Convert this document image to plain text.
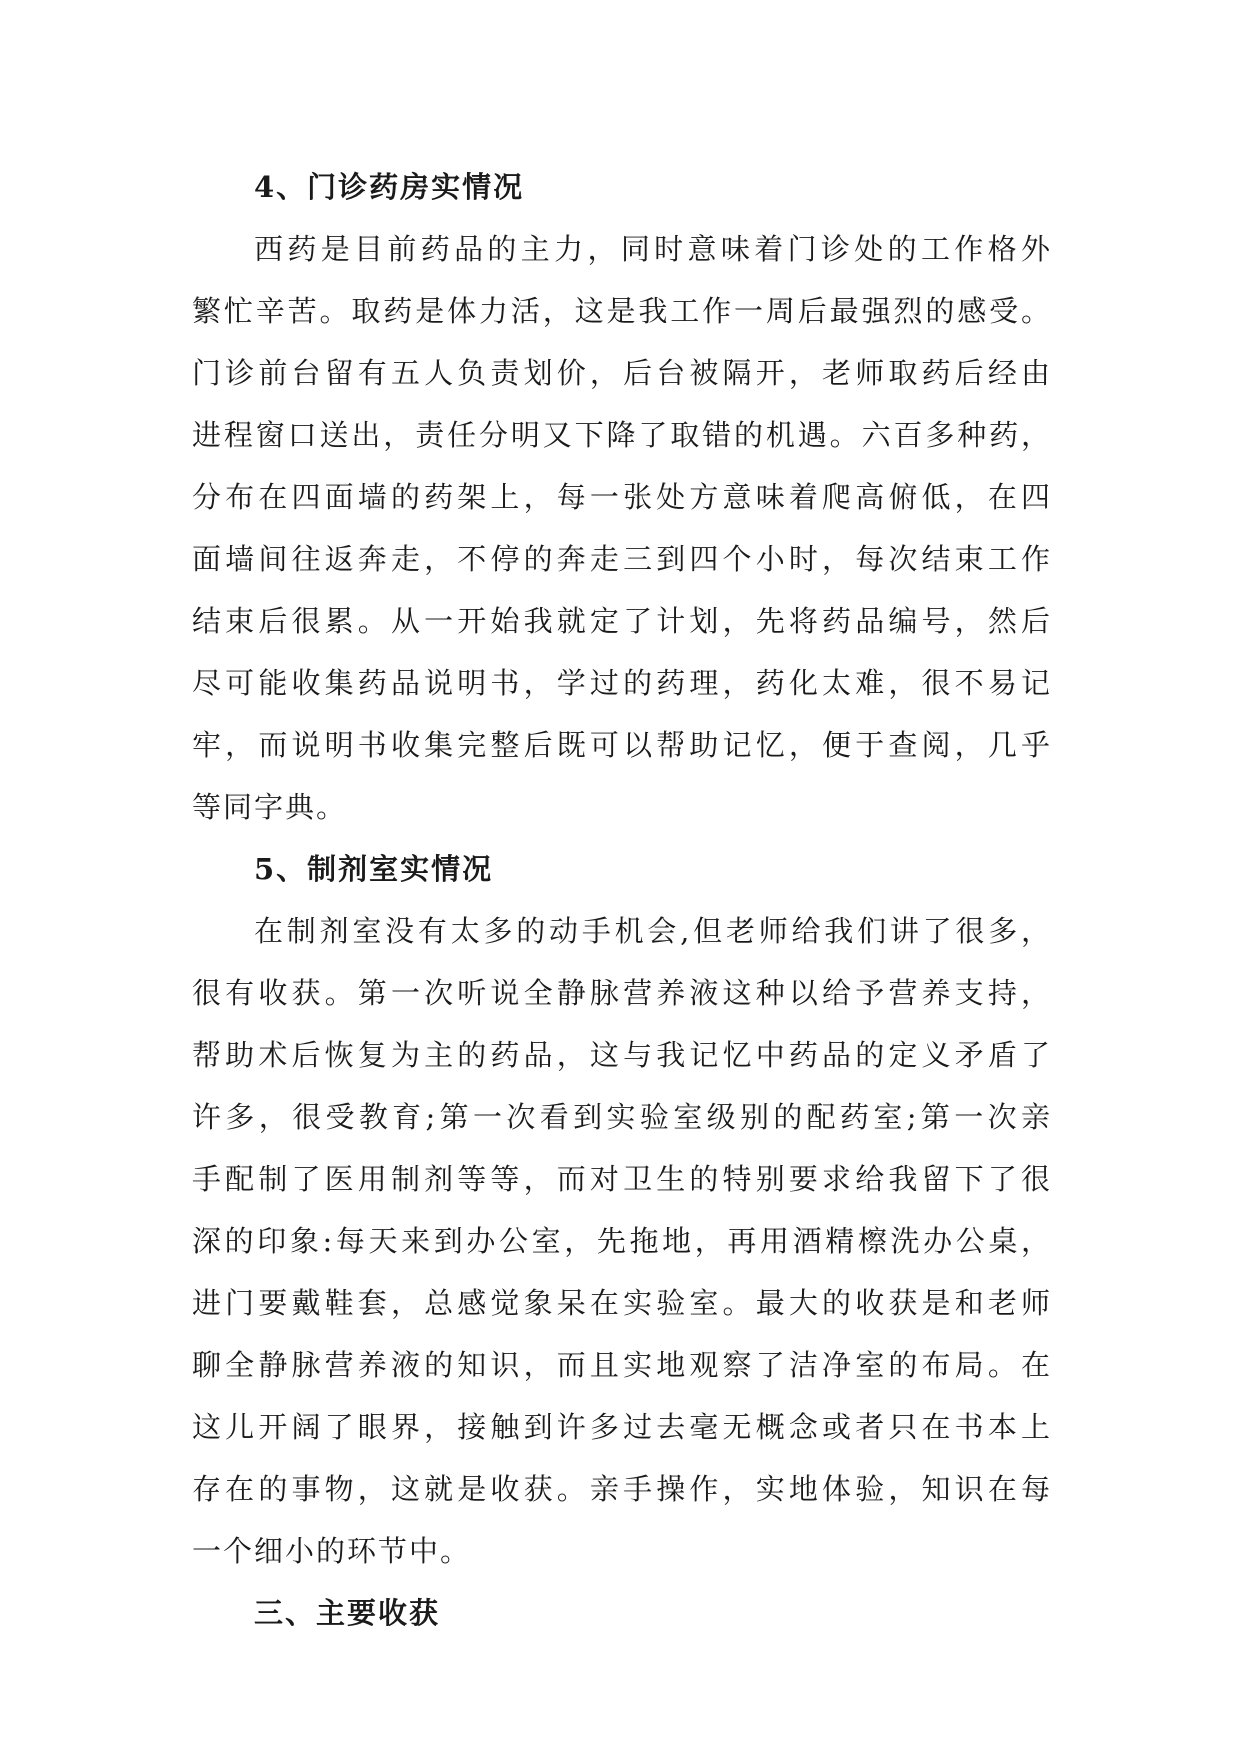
4、门诊药房实情况

西药是目前药品的主力，同时意味着门诊处的工作格外
繁忙辛苦。取药是体力活，这是我工作一周后最强烈的感受。
门诊前台留有五人负责划价，后台被隔开，老师取药后经由
进程窗口送出，责任分明又下降了取错的机遇。六百多种药，
分布在四面墙的药架上，每一张处方意味着爬高俯低，在四
面墙间往返奔走，不停的奔走三到四个小时，每次结束工作
结束后很累。从一开始我就定了计划，先将药品编号，然后
尽可能收集药品说明书，学过的药理，药化太难，很不易记
牢，而说明书收集完整后既可以帮助记忆，便于查阅，几乎
等同字典。

5、制剂室实情况

在制剂室没有太多的动手机会,但老师给我们讲了很多，
很有收获。第一次听说全静脉营养液这种以给予营养支持，
帮助术后恢复为主的药品，这与我记忆中药品的定义矛盾了
许多，很受教育;第一次看到实验室级别的配药室;第一次亲
手配制了医用制剂等等，而对卫生的特别要求给我留下了很
深的印象:每天来到办公室，先拖地，再用酒精檫洗办公桌，
进门要戴鞋套，总感觉象呆在实验室。最大的收获是和老师
聊全静脉营养液的知识，而且实地观察了洁净室的布局。在
这儿开阔了眼界，接触到许多过去毫无概念或者只在书本上
存在的事物，这就是收获。亲手操作，实地体验，知识在每
一个细小的环节中。

三、主要收获
